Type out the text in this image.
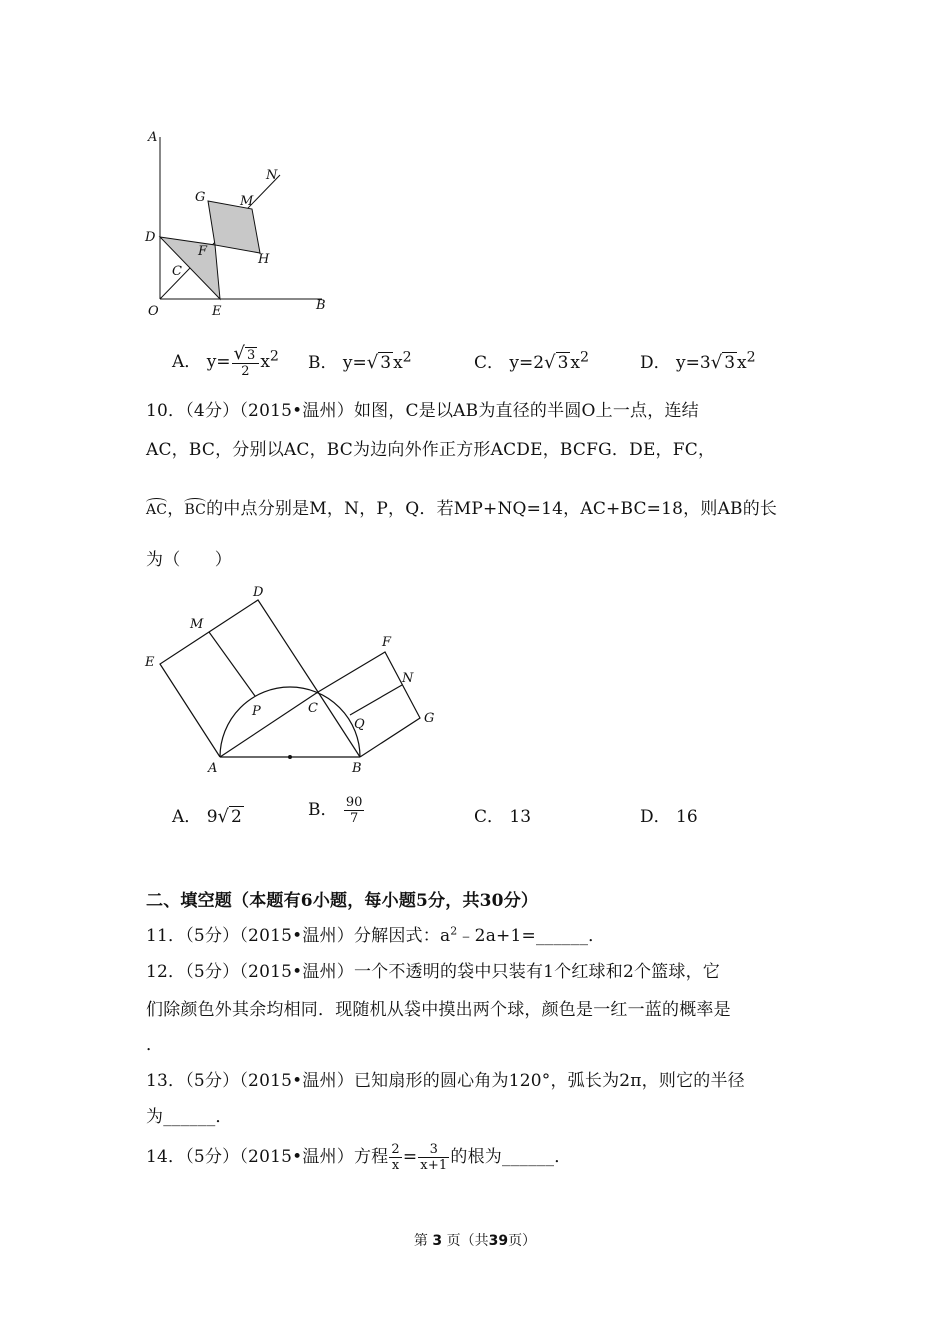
A
N
G	M
D
F
H
C
O	E	B
A． $y= \frac{√ 3}{2} x^2$ B． y=√ 3 $x^2$	C． y=2√ 3 $x^2$	D． y=3√ 3 $x^2$
10．（4分）（2015•温州）如图，C是以AB为直径的半圆O上一点，连结
AC，BC，分别以AC，BC为边向外作正方形ACDE，BCFG．DE，FC，
AC，BC的中点分别是M，N，P，Q．若MP+NQ=14，AC+BC=18，则AB的长
为（　　）
D
M
E
F
N
P	C
Q	G
A	B
A． 9√ 2	B． $\frac{90}{7}$	C． 13	D． 16
二、填空题（本题有6小题，每小题5分，共30分）
11．（5分）（2015•温州）分解因式：$a^2﹣2a+1=\_\_\_\_\_\_$．
12．（5分）（2015•温州）一个不透明的袋中只装有1个红球和2个篮球，它
们除颜色外其余均相同．现随机从袋中摸出两个球，颜色是一红一蓝的概率是
．
13．（5分）（2015•温州）已知扇形的圆心角为120°，弧长为2π，则它的半径
为______．
14．（5分）（2015•温州）方程 $\frac{2}{x} = \frac{3}{x+1}$ 的根为______．
第 3 页（共39页）
